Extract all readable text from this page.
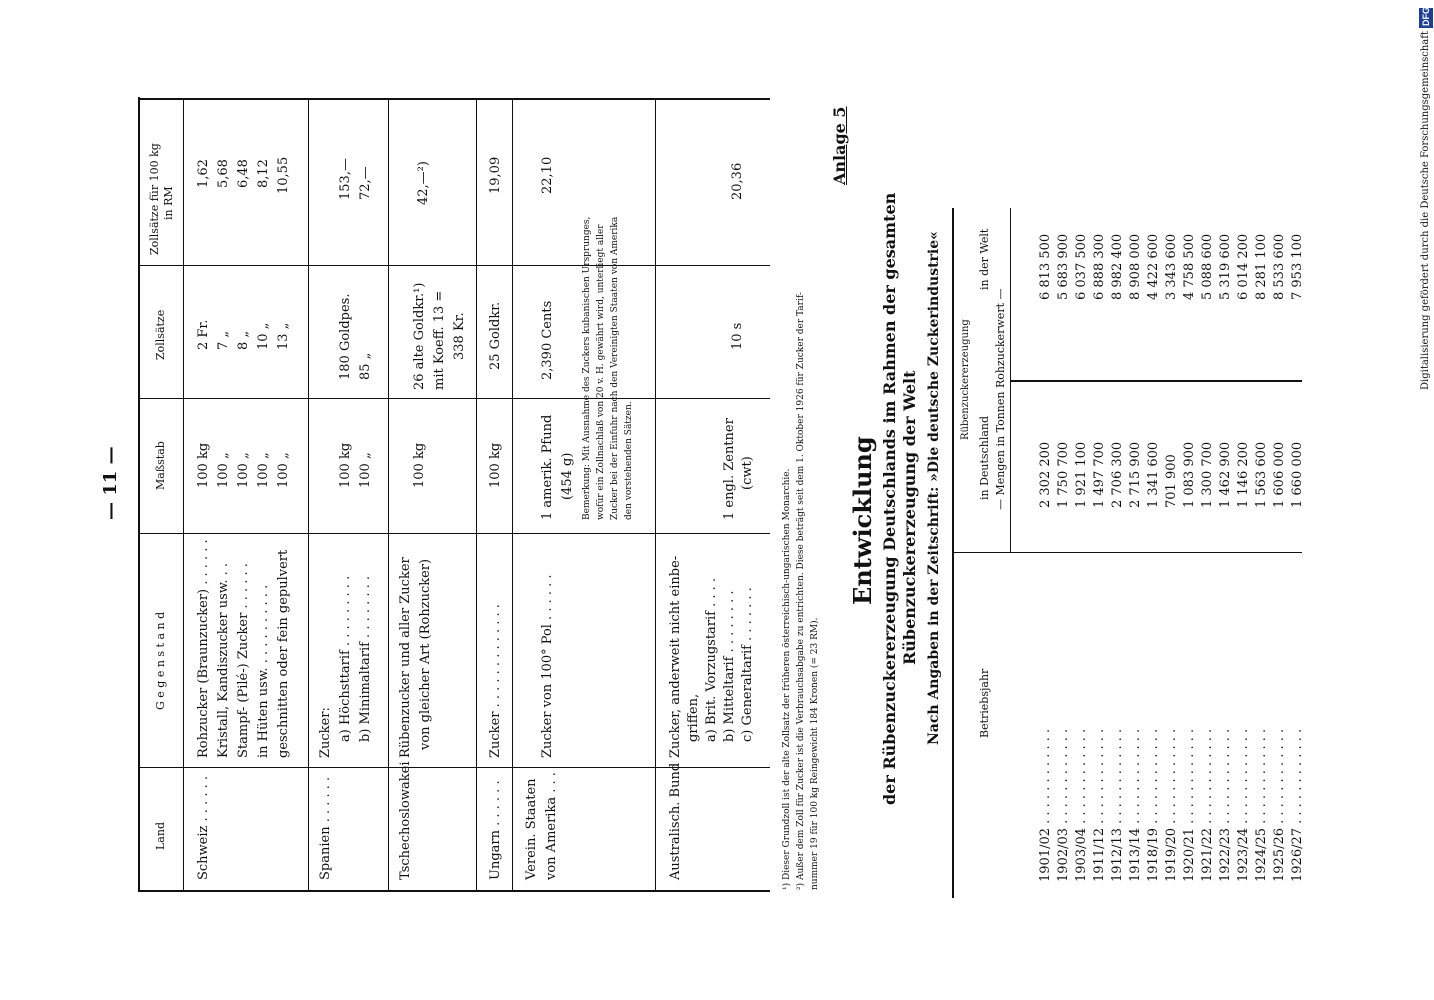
— 11 —
Land
G e g e n s t a n d
Maßstab
Zollsätze
Zollsätze für 100 kg in RM
Schweiz . . . . . .
Rohzucker (Braunzucker) . . . . . . Kristall, Kandiszucker usw. . . Stampf- (Pilé-) Zucker . . . . . . in Hüten usw. . . . . . . . . . . geschnitten oder fein gepulvert
100 kg 100 „ 100 „ 100 „ 100 „
2 Fr. 7 „ 8 „ 10 „ 13 „
1,62 5,68 6,48 8,12 10,55
Spanien . . . . . .
Zucker: a) Höchsttarif . . . . . . . . . b) Minimaltarif . . . . . . . .
100 kg 100 „
180 Goldpes. 85 „
153,— 72,—
Tschechoslowakei .
Rübenzucker und aller Zucker von gleicher Art (Rohzucker)
100 kg
26 alte Goldkr.¹) mit Koeff. 13 = 338 Kr.
42,—²)
Ungarn . . . . . .
Zucker . . . . . . . . . . . . .
100 kg
25 Goldkr.
19,09
Verein. Staaten von Amerika . . .
Zucker von 100° Pol . . . . . .
1 amerik. Pfund (454 g)
2,390 Cents
22,10
Bemerkung: Mit Ausnahme des Zuckers kubanischen Ursprunges, wofür ein Zollnachlaß von 20 v. H. gewährt wird, unterliegt aller Zucker bei der Einfuhr nach den Vereinigten Staaten von Amerika den vorstehenden Sätzen.
Australisch. Bund
Zucker, anderweit nicht einbe- griffen, a) Brit. Vorzugstarif . . . . b) Mitteltarif . . . . . . . . c) Generaltarif . . . . . . .
1 engl. Zentner (cwt)
10 s
20,36
¹) Dieser Grundzoll ist der alte Zollsatz der früheren österreichisch-ungarischen Monarchie. ²) Außer dem Zoll für Zucker ist die Verbrauchsabgabe zu entrichten. Diese beträgt seit dem 1. Oktober 1926 für Zucker der Tarif- nummer 19 für 100 kg Reingewicht 184 Kronen (= 23 RM).
Anlage 5
Entwicklung der Rübenzuckererzeugung Deutschlands im Rahmen der gesamten Rübenzuckererzeugung der Welt Nach Angaben in der Zeitschrift: »Die deutsche Zuckerindustrie«	Betriebsjahr
Rübenzuckererzeugung
in Deutschland
in der Welt
— Mengen in Tonnen Rohzuckerwert —
1901/02 . . . . . . . . . . . .
2 302 200
6 813 500
1902/03 . . . . . . . . . . . .
1 750 700
5 683 900
1903/04 . . . . . . . . . . . .
1 921 100
6 037 500
1911/12 . . . . . . . . . . . .
1 497 700
6 888 300
1912/13 . . . . . . . . . . . .
2 706 300
8 982 400
1913/14 . . . . . . . . . . . .
2 715 900
8 908 000
1918/19 . . . . . . . . . . . .
1 341 600
4 422 600
1919/20 . . . . . . . . . . . .
701 900
3 343 600
1920/21 . . . . . . . . . . . .
1 083 900
4 758 500
1921/22 . . . . . . . . . . . .
1 300 700
5 088 600
1922/23 . . . . . . . . . . . .
1 462 900
5 319 600
1923/24 . . . . . . . . . . . .
1 146 200
6 014 200
1924/25 . . . . . . . . . . . .
1 563 600
8 281 100
1925/26 . . . . . . . . . . . .
1 606 000
8 533 600
1926/27 . . . . . . . . . . . .
1 660 000
7 953 100	Digitalisierung gefördert durch die Deutsche Forschungsgemeinschaft
DFG
